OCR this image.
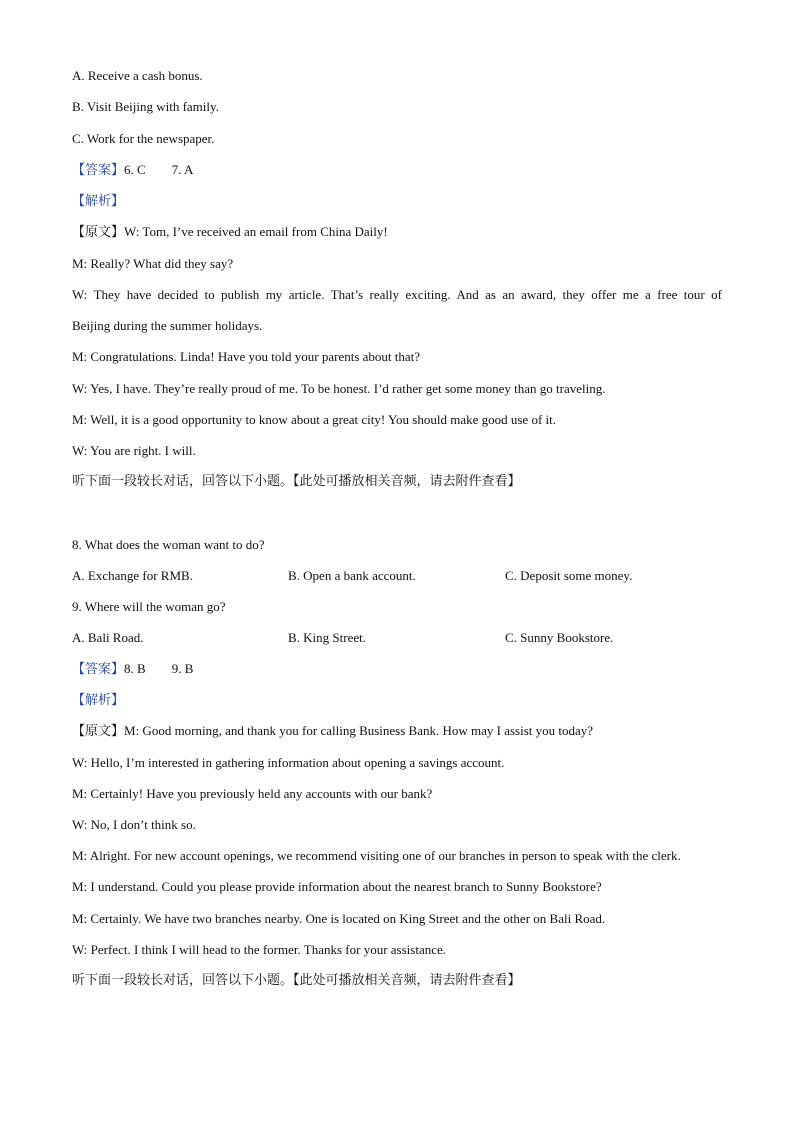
A. Receive a cash bonus.
B. Visit Beijing with family.
C. Work for the newspaper.
【答案】6. C 7. A
【解析】
【原文】W: Tom, I’ve received an email from China Daily!
M: Really? What did they say?
W: They have decided to publish my article. That’s really exciting. And as an award, they offer me a free tour of
Beijing during the summer holidays.
M: Congratulations. Linda! Have you told your parents about that?
W: Yes, I have. They’re really proud of me. To be honest. I’d rather get some money than go traveling.
M: Well, it is a good opportunity to know about a great city! You should make good use of it.
W: You are right. I will.
听下面一段较长对话，回答以下小题。【此处可播放相关音频，请去附件查看】
8. What does the woman want to do?
A. Exchange for RMB.	B. Open a bank account.	C. Deposit some money.
9. Where will the woman go?
A. Bali Road.	B. King Street.	C. Sunny Bookstore.
【答案】8. B 9. B
【解析】
【原文】M: Good morning, and thank you for calling Business Bank. How may I assist you today?
W: Hello, I’m interested in gathering information about opening a savings account.
M: Certainly! Have you previously held any accounts with our bank?
W: No, I don’t think so.
M: Alright. For new account openings, we recommend visiting one of our branches in person to speak with the clerk.
M: I understand. Could you please provide information about the nearest branch to Sunny Bookstore?
M: Certainly. We have two branches nearby. One is located on King Street and the other on Bali Road.
W: Perfect. I think I will head to the former. Thanks for your assistance.
听下面一段较长对话，回答以下小题。【此处可播放相关音频，请去附件查看】
